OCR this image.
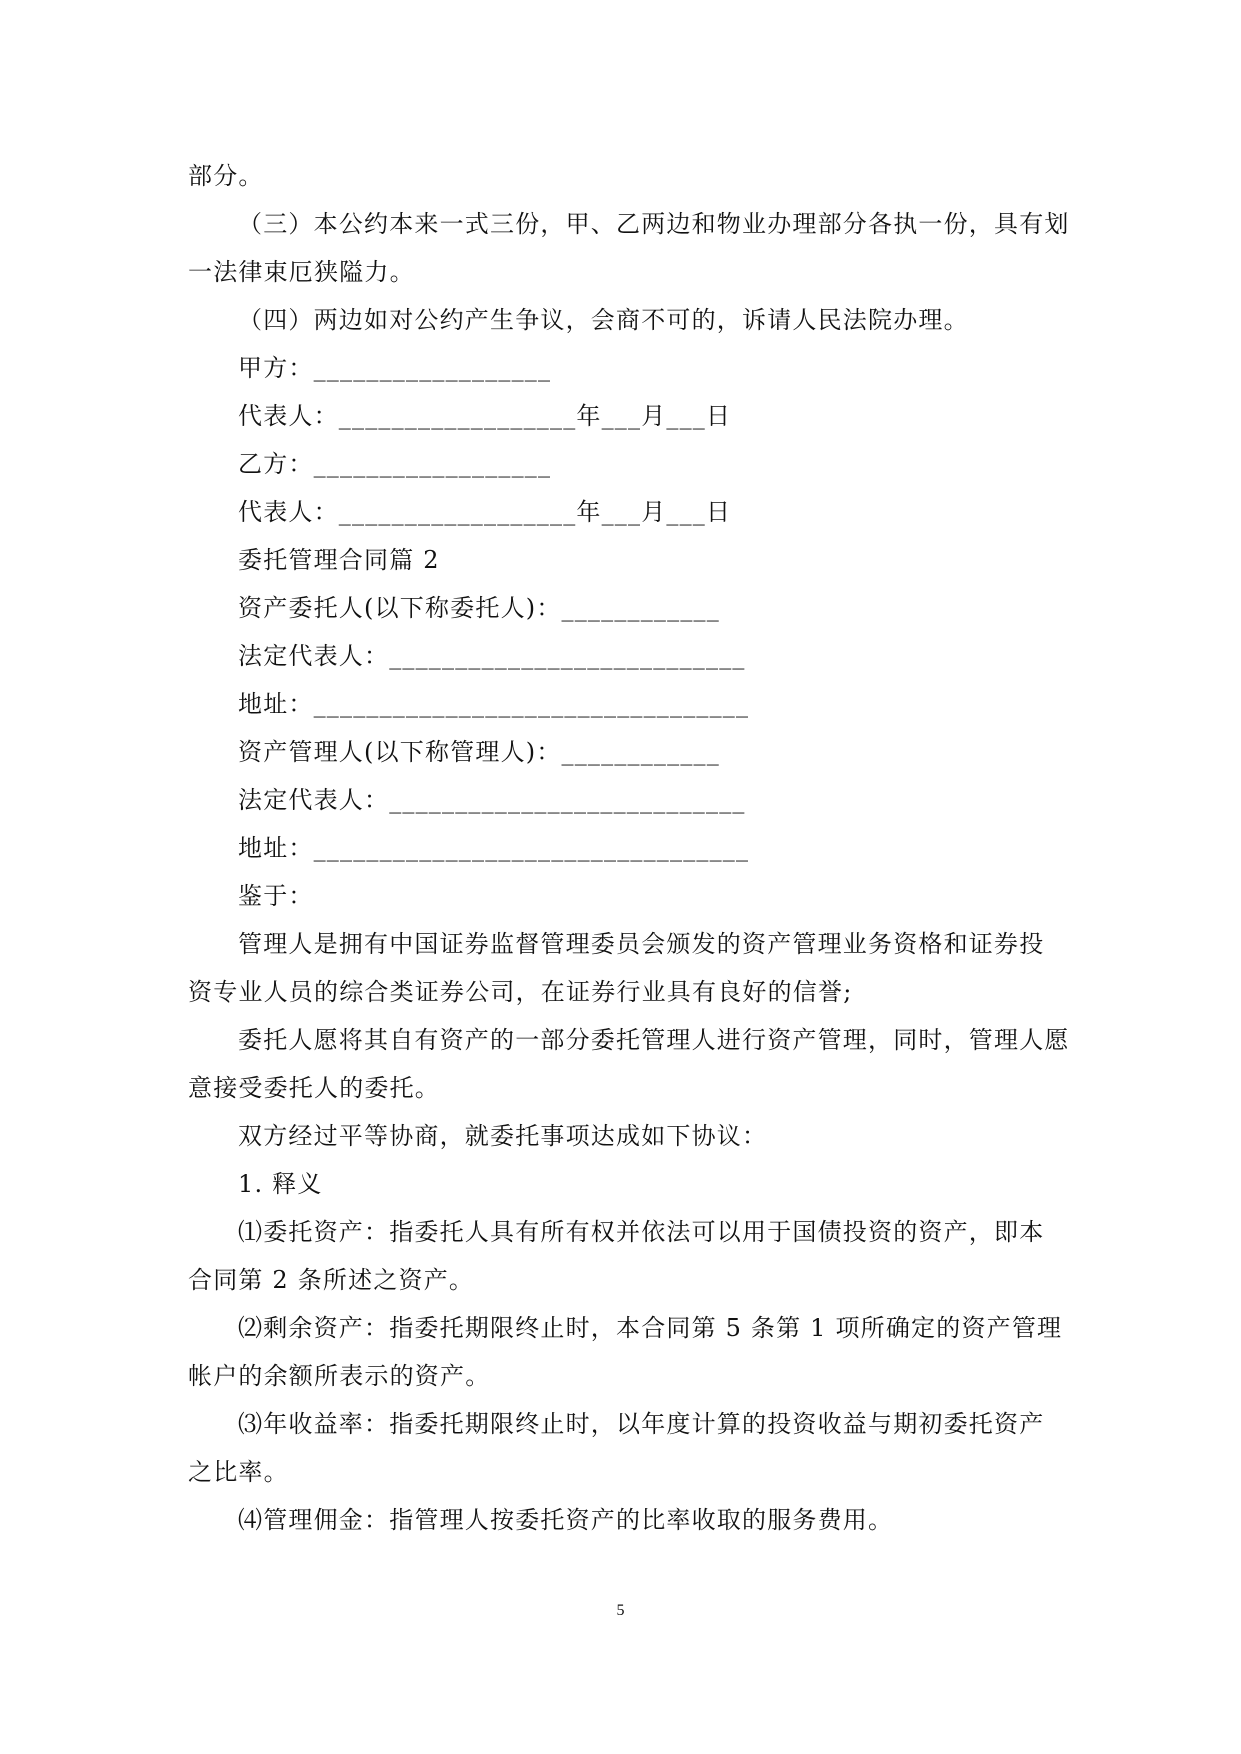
部分。

（三）本公约本来一式三份，甲、乙两边和物业办理部分各执一份，具有划

一法律束厄狭隘力。

（四）两边如对公约产生争议，会商不可的，诉请人民法院办理。

甲方：__________________

代表人：__________________年___月___日

乙方：__________________

代表人：__________________年___月___日

委托管理合同篇 2

资产委托人(以下称委托人)：____________

法定代表人：___________________________

地址：_________________________________

资产管理人(以下称管理人)：____________

法定代表人：___________________________

地址：_________________________________

鉴于：

管理人是拥有中国证券监督管理委员会颁发的资产管理业务资格和证券投

资专业人员的综合类证券公司，在证券行业具有良好的信誉;

委托人愿将其自有资产的一部分委托管理人进行资产管理，同时，管理人愿

意接受委托人的委托。

双方经过平等协商，就委托事项达成如下协议：

1. 释义

⑴委托资产：指委托人具有所有权并依法可以用于国债投资的资产，即本

合同第 2 条所述之资产。

⑵剩余资产：指委托期限终止时，本合同第 5 条第 1 项所确定的资产管理

帐户的余额所表示的资产。

⑶年收益率：指委托期限终止时，以年度计算的投资收益与期初委托资产

之比率。

⑷管理佣金：指管理人按委托资产的比率收取的服务费用。

5
